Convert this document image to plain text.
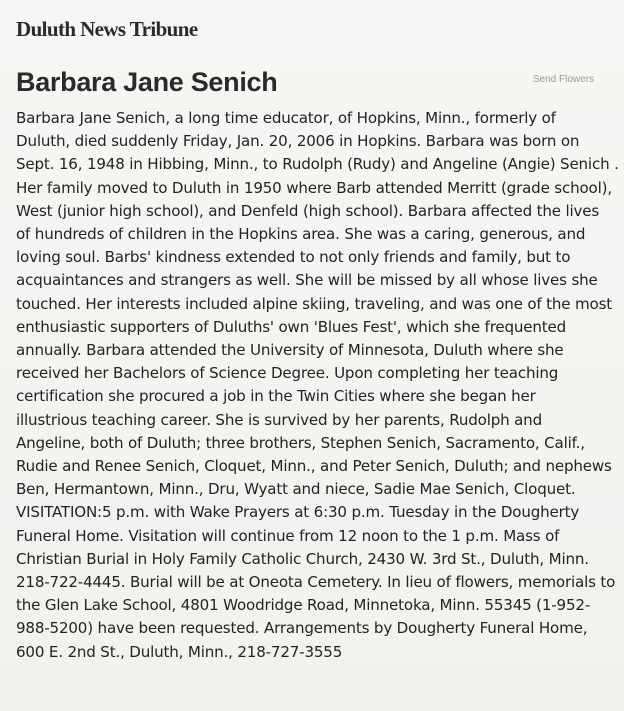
Duluth News Tribune
Barbara Jane Senich	Send Flowers
Barbara Jane Senich, a long time educator, of Hopkins, Minn., formerly of
Duluth, died suddenly Friday, Jan. 20, 2006 in Hopkins. Barbara was born on
Sept. 16, 1948 in Hibbing, Minn., to Rudolph (Rudy) and Angeline (Angie) Senich .
Her family moved to Duluth in 1950 where Barb attended Merritt (grade school),
West (junior high school), and Denfeld (high school). Barbara affected the lives
of hundreds of children in the Hopkins area. She was a caring, generous, and
loving soul. Barbs' kindness extended to not only friends and family, but to
acquaintances and strangers as well. She will be missed by all whose lives she
touched. Her interests included alpine skiing, traveling, and was one of the most
enthusiastic supporters of Duluths' own 'Blues Fest', which she frequented
annually. Barbara attended the University of Minnesota, Duluth where she
received her Bachelors of Science Degree. Upon completing her teaching
certification she procured a job in the Twin Cities where she began her
illustrious teaching career. She is survived by her parents, Rudolph and
Angeline, both of Duluth; three brothers, Stephen Senich, Sacramento, Calif.,
Rudie and Renee Senich, Cloquet, Minn., and Peter Senich, Duluth; and nephews
Ben, Hermantown, Minn., Dru, Wyatt and niece, Sadie Mae Senich, Cloquet.
VISITATION:5 p.m. with Wake Prayers at 6:30 p.m. Tuesday in the Dougherty
Funeral Home. Visitation will continue from 12 noon to the 1 p.m. Mass of
Christian Burial in Holy Family Catholic Church, 2430 W. 3rd St., Duluth, Minn.
218-722-4445. Burial will be at Oneota Cemetery. In lieu of flowers, memorials to
the Glen Lake School, 4801 Woodridge Road, Minnetoka, Minn. 55345 (1-952-
988-5200) have been requested. Arrangements by Dougherty Funeral Home,
600 E. 2nd St., Duluth, Minn., 218-727-3555
